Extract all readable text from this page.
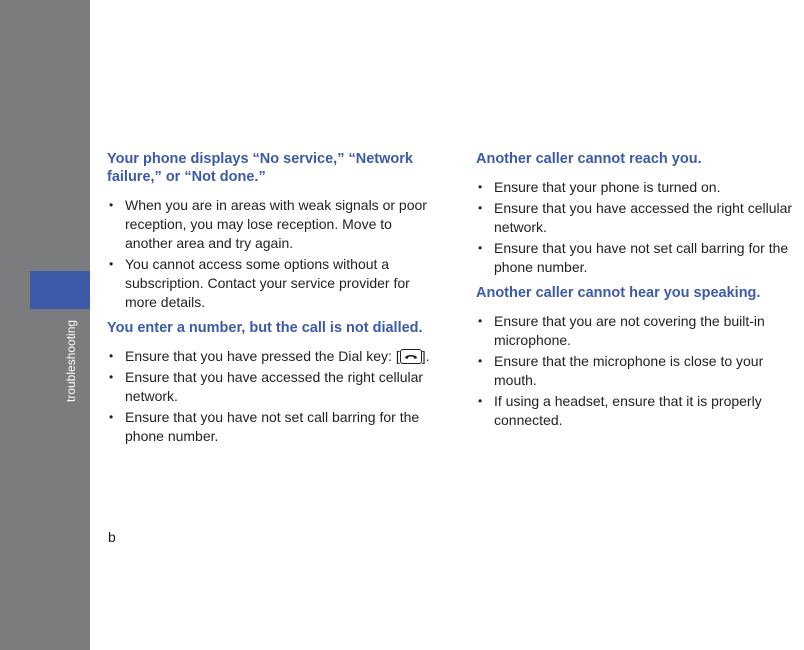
troubleshooting
Your phone displays “No service,” “Network failure,” or “Not done.”
• When you are in areas with weak signals or poor reception, you may lose reception. Move to another area and try again.
• You cannot access some options without a subscription. Contact your service provider for more details.
You enter a number, but the call is not dialled.
• Ensure that you have pressed the Dial key: [ ].
• Ensure that you have accessed the right cellular network.
• Ensure that you have not set call barring for the phone number.
Another caller cannot reach you.
• Ensure that your phone is turned on.
• Ensure that you have accessed the right cellular network.
• Ensure that you have not set call barring for the phone number.
Another caller cannot hear you speaking.
• Ensure that you are not covering the built-in microphone.
• Ensure that the microphone is close to your mouth.
• If using a headset, ensure that it is properly connected.
b
